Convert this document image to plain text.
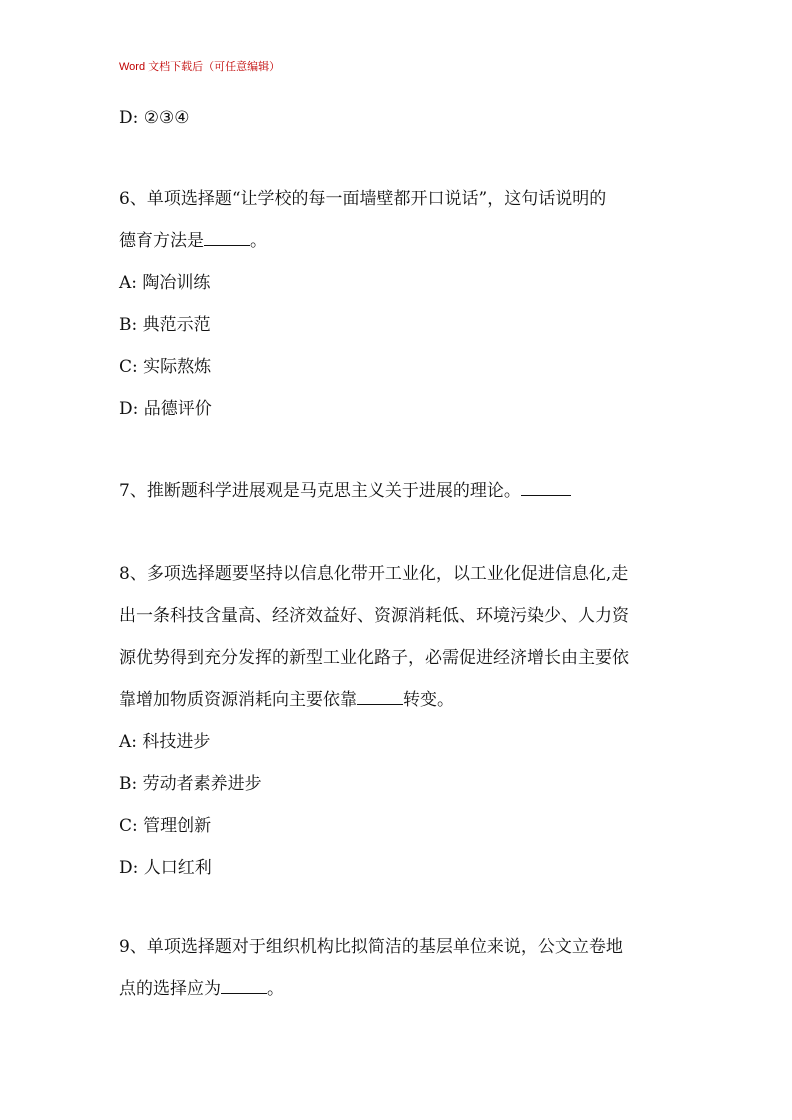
Word 文档下载后（可任意编辑）
D: ②③④
6、单项选择题“让学校的每一面墙壁都开口说话”，这句话说明的
德育方法是	。
A: 陶冶训练
B: 典范示范
C: 实际熬炼
D: 品德评价
7、推断题科学进展观是马克思主义关于进展的理论。
8、多项选择题要坚持以信息化带开工业化，以工业化促进信息化,走
出一条科技含量高、经济效益好、资源消耗低、环境污染少、人力资
源优势得到充分发挥的新型工业化路子，必需促进经济增长由主要依
靠增加物质资源消耗向主要依靠	转变。
A: 科技进步
B: 劳动者素养进步
C: 管理创新
D: 人口红利
9、单项选择题对于组织机构比拟简洁的基层单位来说，公文立卷地
点的选择应为	。
